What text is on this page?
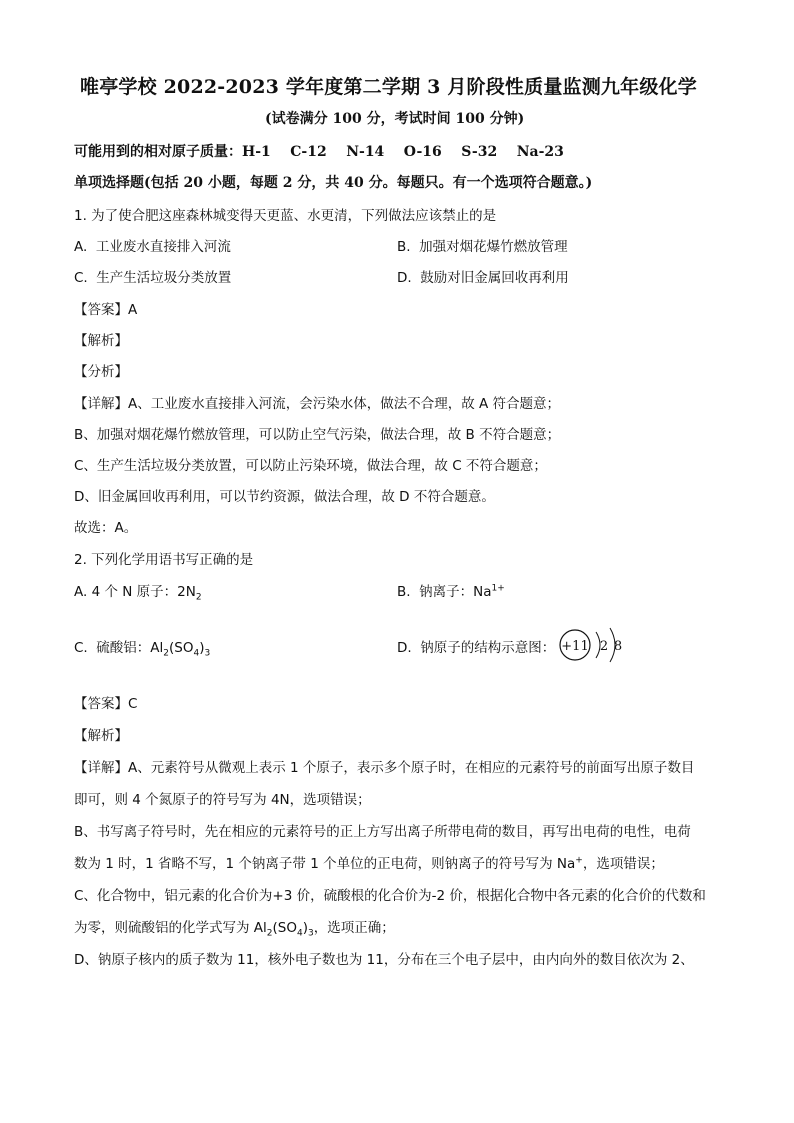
唯亭学校 2022-2023 学年度第二学期 3 月阶段性质量监测九年级化学
(试卷满分 100 分，考试时间 100 分钟)
可能用到的相对原子质量：H-1    C-12    N-14    O-16    S-32    Na-23
单项选择题(包括 20 小题，每题 2 分，共 40 分。每题只。有一个选项符合题意。)
1. 为了使合肥这座森林城变得天更蓝、水更清，下列做法应该禁止的是
A.  工业废水直接排入河流	B.  加强对烟花爆竹燃放管理
C.  生产生活垃圾分类放置	D.  鼓励对旧金属回收再利用
【答案】A
【解析】
【分析】
【详解】A、工业废水直接排入河流，会污染水体，做法不合理，故 A 符合题意；
B、加强对烟花爆竹燃放管理，可以防止空气污染，做法合理，故 B 不符合题意；
C、生产生活垃圾分类放置，可以防止污染环境，做法合理，故 C 不符合题意；
D、旧金属回收再利用，可以节约资源，做法合理，故 D 不符合题意。
故选：A。
2. 下列化学用语书写正确的是
A. 4 个 N 原子：$2N_2$	B.  钠离子：$Na^{1+}$
C.  硫酸铝：$Al_2(SO_4)_3$	D.  钠原子的结构示意图： +11 2 8
【答案】C
【解析】
【详解】A、元素符号从微观上表示 1 个原子，表示多个原子时，在相应的元素符号的前面写出原子数目
即可，则 4 个氮原子的符号写为 4N，选项错误；
B、书写离子符号时，先在相应的元素符号的正上方写出离子所带电荷的数目，再写出电荷的电性，电荷
数为 1 时，1 省略不写，1 个钠离子带 1 个单位的正电荷，则钠离子的符号写为 Na+，选项错误；
C、化合物中，铝元素的化合价为+3 价，硫酸根的化合价为-2 价，根据化合物中各元素的化合价的代数和
为零，则硫酸铝的化学式写为 $Al_2(SO_4)_3$，选项正确；
D、钠原子核内的质子数为 11，核外电子数也为 11，分布在三个电子层中，由内向外的数目依次为 2、
